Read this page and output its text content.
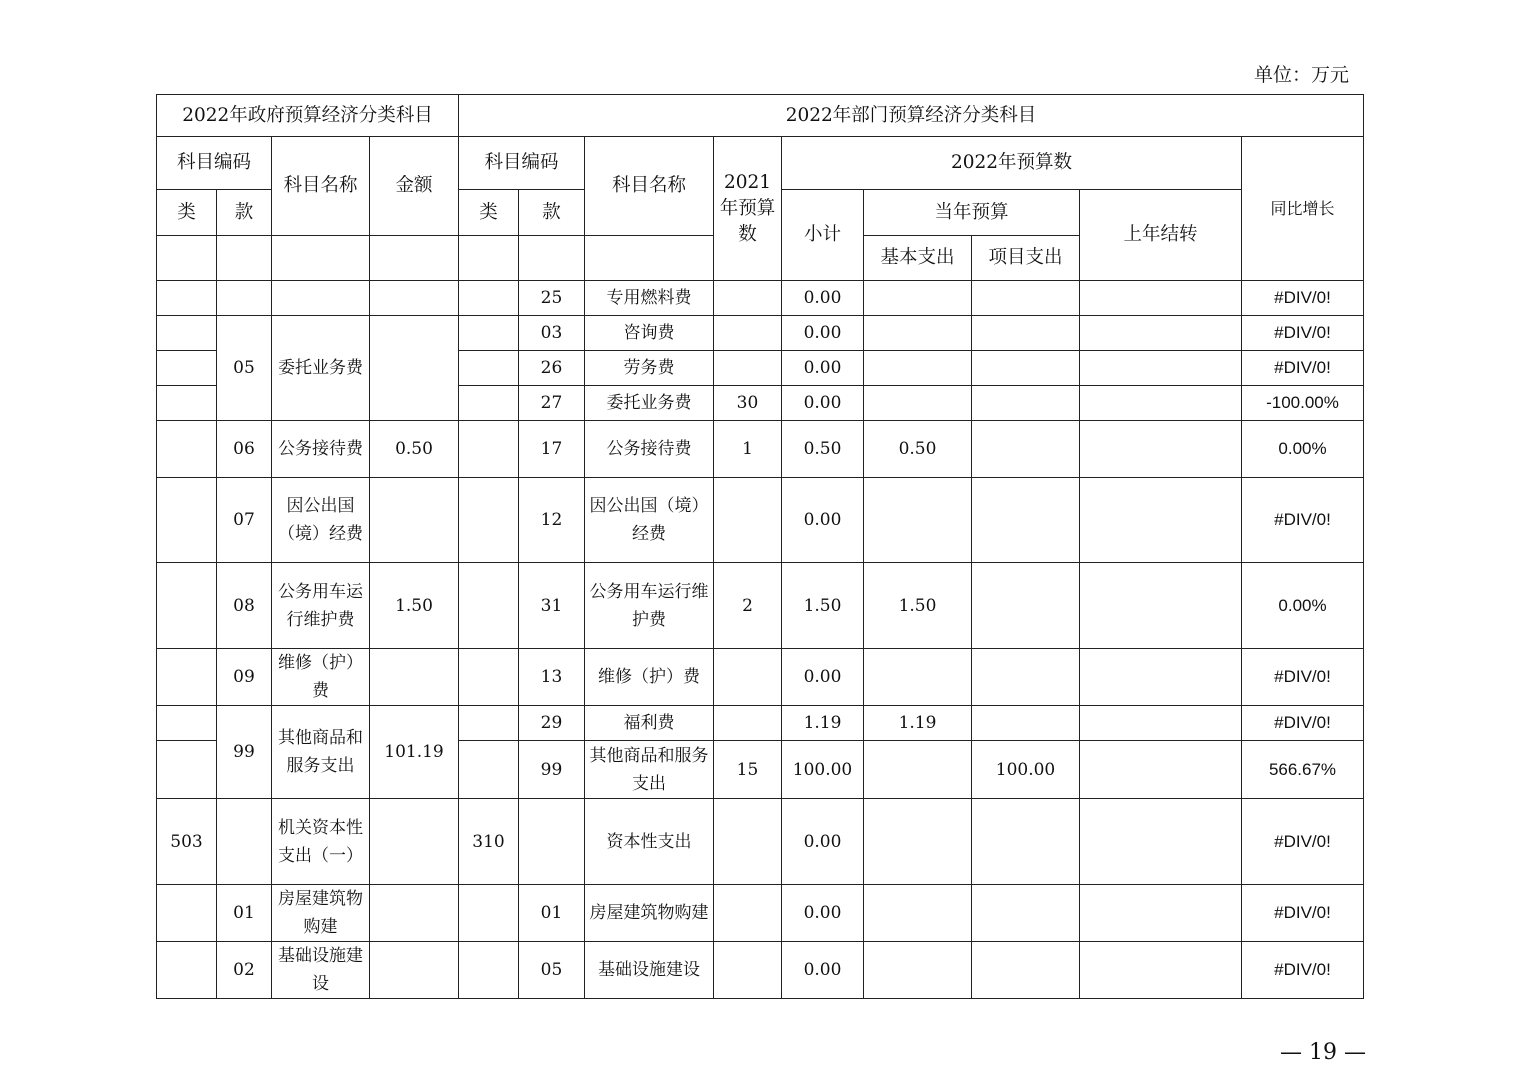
单位：万元
2022年政府预算经济分类科目				2022年部门预算经济分类科目								
科目编码		科目名称	金额	科目编码		科目名称	2021年预算数	2022年预算数				同比增长
类	款			类	款			小计	当年预算		上年结转	
									基本支出	项目支出		
					25	专用燃料费		0.00				#DIV/0!
	05	委托业务费			03	咨询费		0.00				#DIV/0!
					26	劳务费		0.00				#DIV/0!
					27	委托业务费	30	0.00				-100.00%
	06	公务接待费	0.50		17	公务接待费	1	0.50	0.50			0.00%
	07	因公出国（境）经费			12	因公出国（境）经费		0.00				#DIV/0!
	08	公务用车运行维护费	1.50		31	公务用车运行维护费	2	1.50	1.50			0.00%
	09	维修（护）费			13	维修（护）费		0.00				#DIV/0!
	99	其他商品和服务支出	101.19		29	福利费		1.19	1.19			#DIV/0!
					99	其他商品和服务支出	15	100.00		100.00		566.67%
503		机关资本性支出（一）		310		资本性支出		0.00				#DIV/0!
	01	房屋建筑物购建			01	房屋建筑物购建		0.00				#DIV/0!
	02	基础设施建设			05	基础设施建设		0.00				#DIV/0!
— 19 —
